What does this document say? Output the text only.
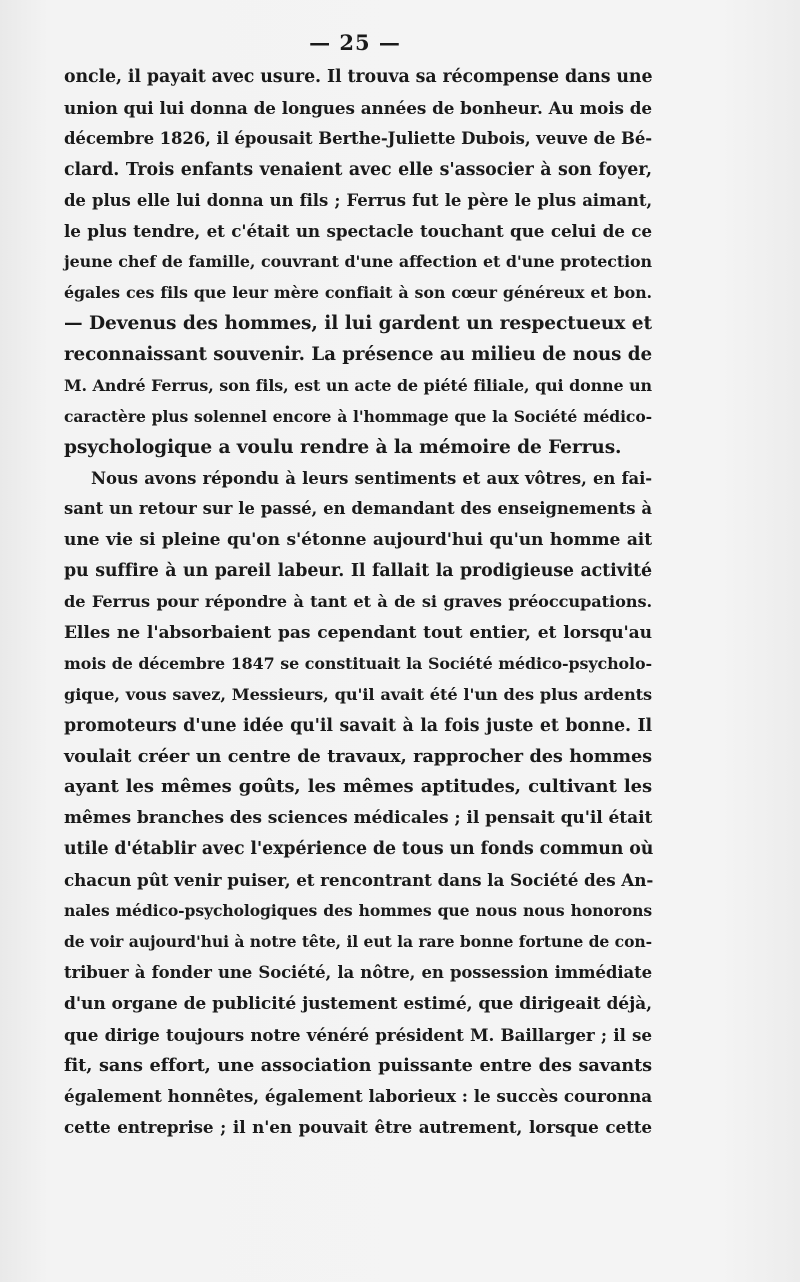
— 25 —
oncle, il payait avec usure. Il trouva sa récompense dans une
union qui lui donna de longues années de bonheur. Au mois de
décembre 1826, il épousait Berthe-Juliette Dubois, veuve de Bé-
clard. Trois enfants venaient avec elle s'associer à son foyer,
de plus elle lui donna un fils ; Ferrus fut le père le plus aimant,
le plus tendre, et c'était un spectacle touchant que celui de ce
jeune chef de famille, couvrant d'une affection et d'une protection
égales ces fils que leur mère confiait à son cœur généreux et bon.
— Devenus des hommes, il lui gardent un respectueux et
reconnaissant souvenir. La présence au milieu de nous de
M. André Ferrus, son fils, est un acte de piété filiale, qui donne un
caractère plus solennel encore à l'hommage que la Société médico-
psychologique a voulu rendre à la mémoire de Ferrus.
Nous avons répondu à leurs sentiments et aux vôtres, en fai-
sant un retour sur le passé, en demandant des enseignements à
une vie si pleine qu'on s'étonne aujourd'hui qu'un homme ait
pu suffire à un pareil labeur. Il fallait la prodigieuse activité
de Ferrus pour répondre à tant et à de si graves préoccupations.
Elles ne l'absorbaient pas cependant tout entier, et lorsqu'au
mois de décembre 1847 se constituait la Société médico-psycholo-
gique, vous savez, Messieurs, qu'il avait été l'un des plus ardents
promoteurs d'une idée qu'il savait à la fois juste et bonne. Il
voulait créer un centre de travaux, rapprocher des hommes
ayant les mêmes goûts, les mêmes aptitudes, cultivant les
mêmes branches des sciences médicales ; il pensait qu'il était
utile d'établir avec l'expérience de tous un fonds commun où
chacun pût venir puiser, et rencontrant dans la Société des An-
nales médico-psychologiques des hommes que nous nous honorons
de voir aujourd'hui à notre tête, il eut la rare bonne fortune de con-
tribuer à fonder une Société, la nôtre, en possession immédiate
d'un organe de publicité justement estimé, que dirigeait déjà,
que dirige toujours notre vénéré président M. Baillarger ; il se
fit, sans effort, une association puissante entre des savants
également honnêtes, également laborieux : le succès couronna
cette entreprise ; il n'en pouvait être autrement, lorsque cette
